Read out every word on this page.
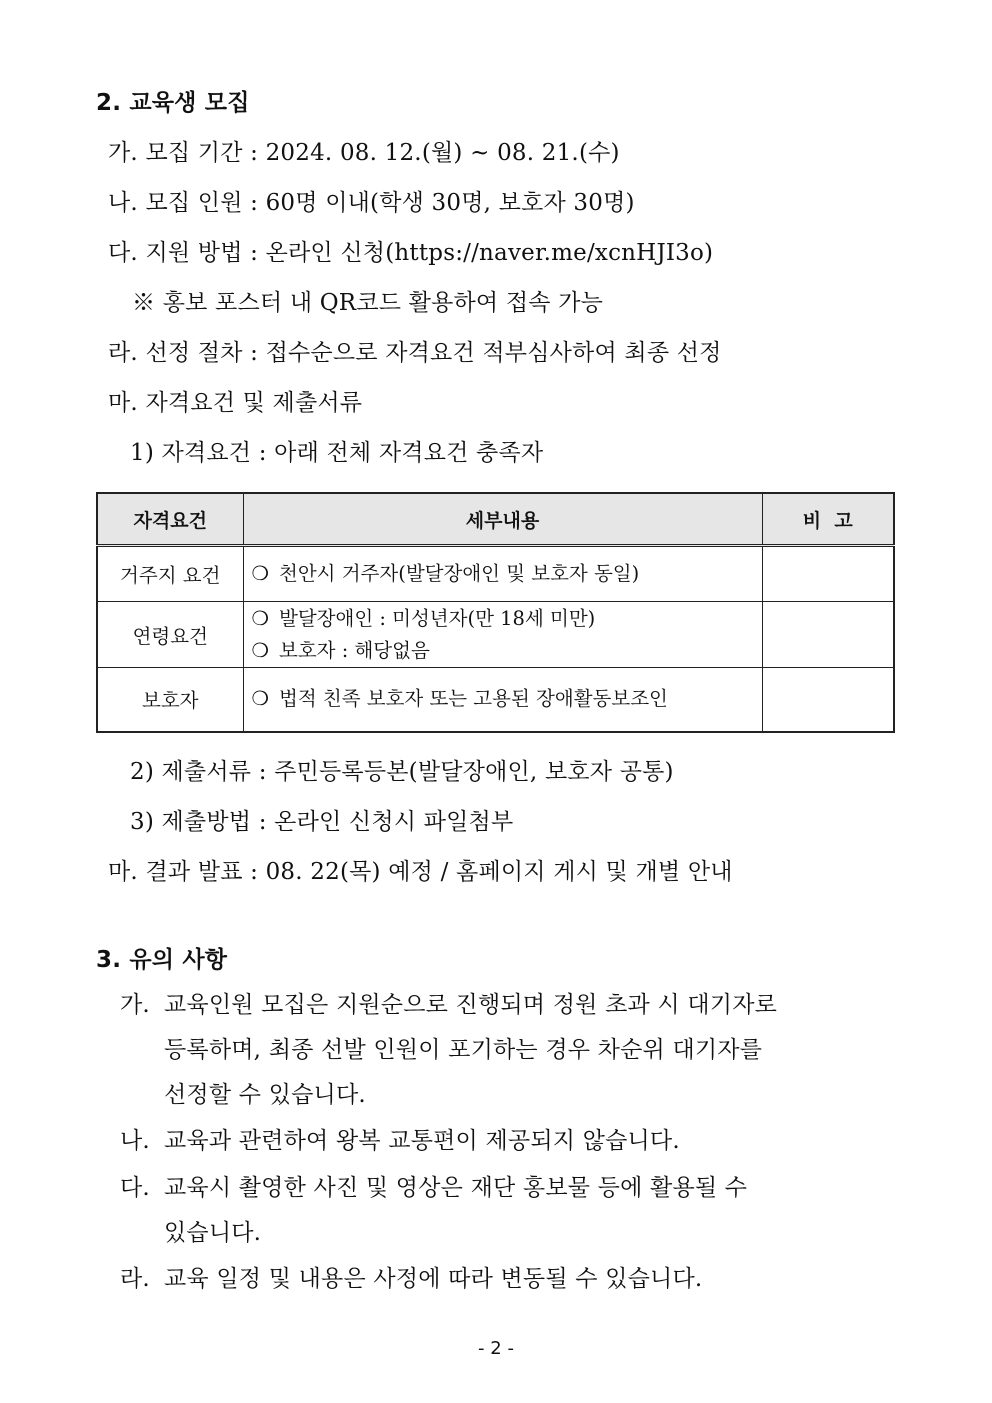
2. 교육생 모집
가. 모집 기간 : 2024. 08. 12.(월) ~ 08. 21.(수)
나. 모집 인원 : 60명 이내(학생 30명, 보호자 30명)
다. 지원 방법 : 온라인 신청(https://naver.me/xcnHJI3o)
※ 홍보 포스터 내 QR코드 활용하여 접속 가능
라. 선정 절차 : 접수순으로 자격요건 적부심사하여 최종 선정
마. 자격요건 및 제출서류
1) 자격요건 : 아래 전체 자격요건 충족자
자격요건	세부내용	비  고
거주지 요건	❍ 천안시 거주자(발달장애인 및 보호자 동일)	

연령요건	❍ 발달장애인 : 미성년자(만 18세 미만)
❍ 보호자 : 해당없음	

보호자	❍ 법적 친족 보호자 또는 고용된 장애활동보조인	

2) 제출서류 : 주민등록등본(발달장애인, 보호자 공통)
3) 제출방법 : 온라인 신청시 파일첨부
마. 결과 발표 : 08. 22(목) 예정 / 홈페이지 게시 및 개별 안내
3. 유의 사항
가. 교육인원 모집은 지원순으로 진행되며 정원 초과 시 대기자로
등록하며, 최종 선발 인원이 포기하는 경우 차순위 대기자를
선정할 수 있습니다.
나. 교육과 관련하여 왕복 교통편이 제공되지 않습니다.
다. 교육시 촬영한 사진 및 영상은 재단 홍보물 등에 활용될 수
있습니다.
라. 교육 일정 및 내용은 사정에 따라 변동될 수 있습니다.
- 2 -
